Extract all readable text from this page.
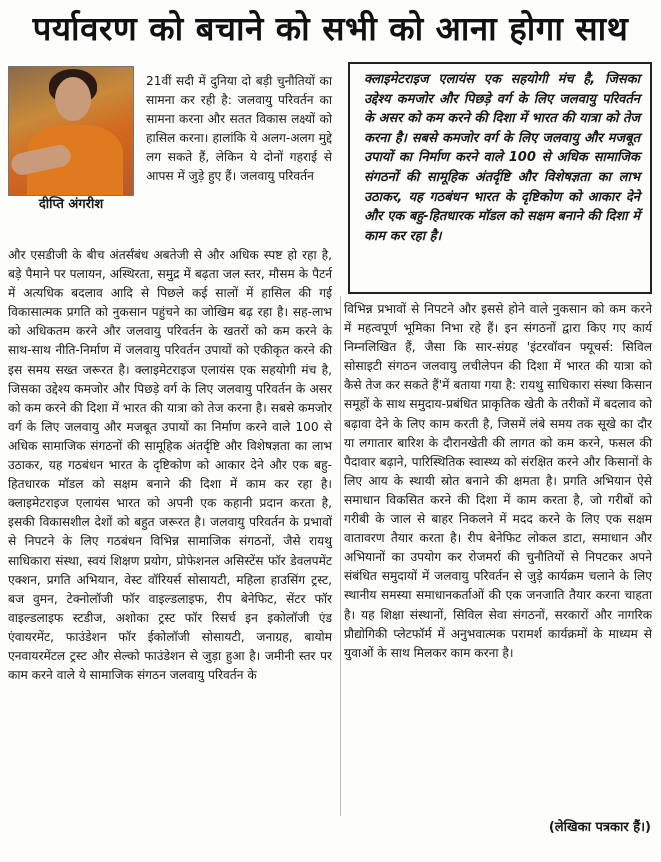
पर्यावरण को बचाने को सभी को आना होगा साथ
दीप्ति अंगरीश
21वीं सदी में दुनिया दो बड़ी चुनौतियों का सामना कर रही है: जलवायु परिवर्तन का सामना करना और सतत विकास लक्ष्यों को हासिल करना। हालांकि ये अलग-अलग मुद्दे लग सकते हैं, लेकिन ये दोनों गहराई से आपस में जुड़े हुए हैं। जलवायु परिवर्तन
और एसडीजी के बीच अंतर्संबंध अबतेजी से और अधिक स्पष्ट हो रहा है, बड़े पैमाने पर पलायन, अस्थिरता, समुद्र में बढ़ता जल स्तर, मौसम के पैटर्न में अत्यधिक बदलाव आदि से पिछले कई सालों में हासिल की गई विकासात्मक प्रगति को नुकसान पहुंचने का जोखिम बढ़ रहा है। सह-लाभ को अधिकतम करने और जलवायु परिवर्तन के खतरों को कम करने के साथ-साथ नीति-निर्माण में जलवायु परिवर्तन उपायों को एकीकृत करने की इस समय सख्त जरूरत है। क्लाइमेटराइज एलायंस एक सहयोगी मंच है, जिसका उद्देश्य कमजोर और पिछड़े वर्ग के लिए जलवायु परिवर्तन के असर को कम करने की दिशा में भारत की यात्रा को तेज करना है। सबसे कमजोर वर्ग के लिए जलवायु और मजबूत उपायों का निर्माण करने वाले 100 से अधिक सामाजिक संगठनों की सामूहिक अंतर्दृष्टि और विशेषज्ञता का लाभ उठाकर, यह गठबंधन भारत के दृष्टिकोण को आकार देने और एक बहु-हितधारक मॉडल को सक्षम बनाने की दिशा में काम कर रहा है। क्लाइमेटराइज एलायंस भारत को अपनी एक कहानी प्रदान करता है, इसकी विकासशील देशों को बहुत जरूरत है। जलवायु परिवर्तन के प्रभावों से निपटने के लिए गठबंधन विभिन्न सामाजिक संगठनों, जैसे रायथु साधिकारा संस्था, स्वयं शिक्षण प्रयोग, प्रोफेशनल असिस्टेंस फॉर डेवलपमेंट एक्शन, प्रगति अभियान, वेस्ट वॉरियर्स सोसायटी, महिला हाउसिंग ट्रस्ट, बज वुमन, टेक्नोलॉजी फॉर वाइल्डलाइफ, रीप बेनेफिट, सेंटर फॉर वाइल्डलाइफ स्टडीज, अशोका ट्रस्ट फॉर रिसर्च इन इकोलॉजी एंड एंवायरमेंट, फाउंडेशन फॉर ईकोलॉजी सोसायटी, जनाग्रह, बायोम एनवायरमेंटल ट्रस्ट और सेल्को फाउंडेशन से जुड़ा हुआ है। जमीनी स्तर पर काम करने वाले ये सामाजिक संगठन जलवायु परिवर्तन के
क्लाइमेटराइज एलायंस एक सहयोगी मंच है, जिसका उद्देश्य कमजोर और पिछड़े वर्ग के लिए जलवायु परिवर्तन के असर को कम करने की दिशा में भारत की यात्रा को तेज करना है। सबसे कमजोर वर्ग के लिए जलवायु और मजबूत उपायों का निर्माण करने वाले 100 से अधिक सामाजिक संगठनों की सामूहिक अंतर्दृष्टि और विशेषज्ञता का लाभ उठाकर, यह गठबंधन भारत के दृष्टिकोण को आकार देने और एक बहु-हितधारक मॉडल को सक्षम बनाने की दिशा में काम कर रहा है।
विभिन्न प्रभावों से निपटने और इससे होने वाले नुकसान को कम करने में महत्वपूर्ण भूमिका निभा रहे हैं। इन संगठनों द्वारा किए गए कार्य निम्नलिखित हैं, जैसा कि सार-संग्रह 'इंटरवॉवन फ्यूचर्स: सिविल सोसाइटी संगठन जलवायु लचीलेपन की दिशा में भारत की यात्रा को कैसे तेज कर सकते हैं'में बताया गया है: रायथु साधिकारा संस्था किसान समूहों के साथ समुदाय-प्रबंधित प्राकृतिक खेती के तरीकों में बदलाव को बढ़ावा देने के लिए काम करती है, जिसमें लंबे समय तक सूखे का दौर या लगातार बारिश के दौरानखेती की लागत को कम करने, फसल की पैदावार बढ़ाने, पारिस्थितिक स्वास्थ्य को संरक्षित करने और किसानों के लिए आय के स्थायी स्रोत बनाने की क्षमता है। प्रगति अभियान ऐसे समाधान विकसित करने की दिशा में काम करता है, जो गरीबों को गरीबी के जाल से बाहर निकलने में मदद करने के लिए एक सक्षम वातावरण तैयार करता है। रीप बेनेफिट लोकल डाटा, समाधान और अभियानों का उपयोग कर रोजमर्रा की चुनौतियों से निपटकर अपने संबंधित समुदायों में जलवायु परिवर्तन से जुड़े कार्यक्रम चलाने के लिए स्थानीय समस्या समाधानकर्ताओं की एक जनजाति तैयार करना चाहता है। यह शिक्षा संस्थानों, सिविल सेवा संगठनों, सरकारों और नागरिक प्रौद्योगिकी प्लेटफॉर्म में अनुभवात्मक परामर्श कार्यक्रमों के माध्यम से युवाओं के साथ मिलकर काम करना है।
(लेखिका पत्रकार हैं।)
